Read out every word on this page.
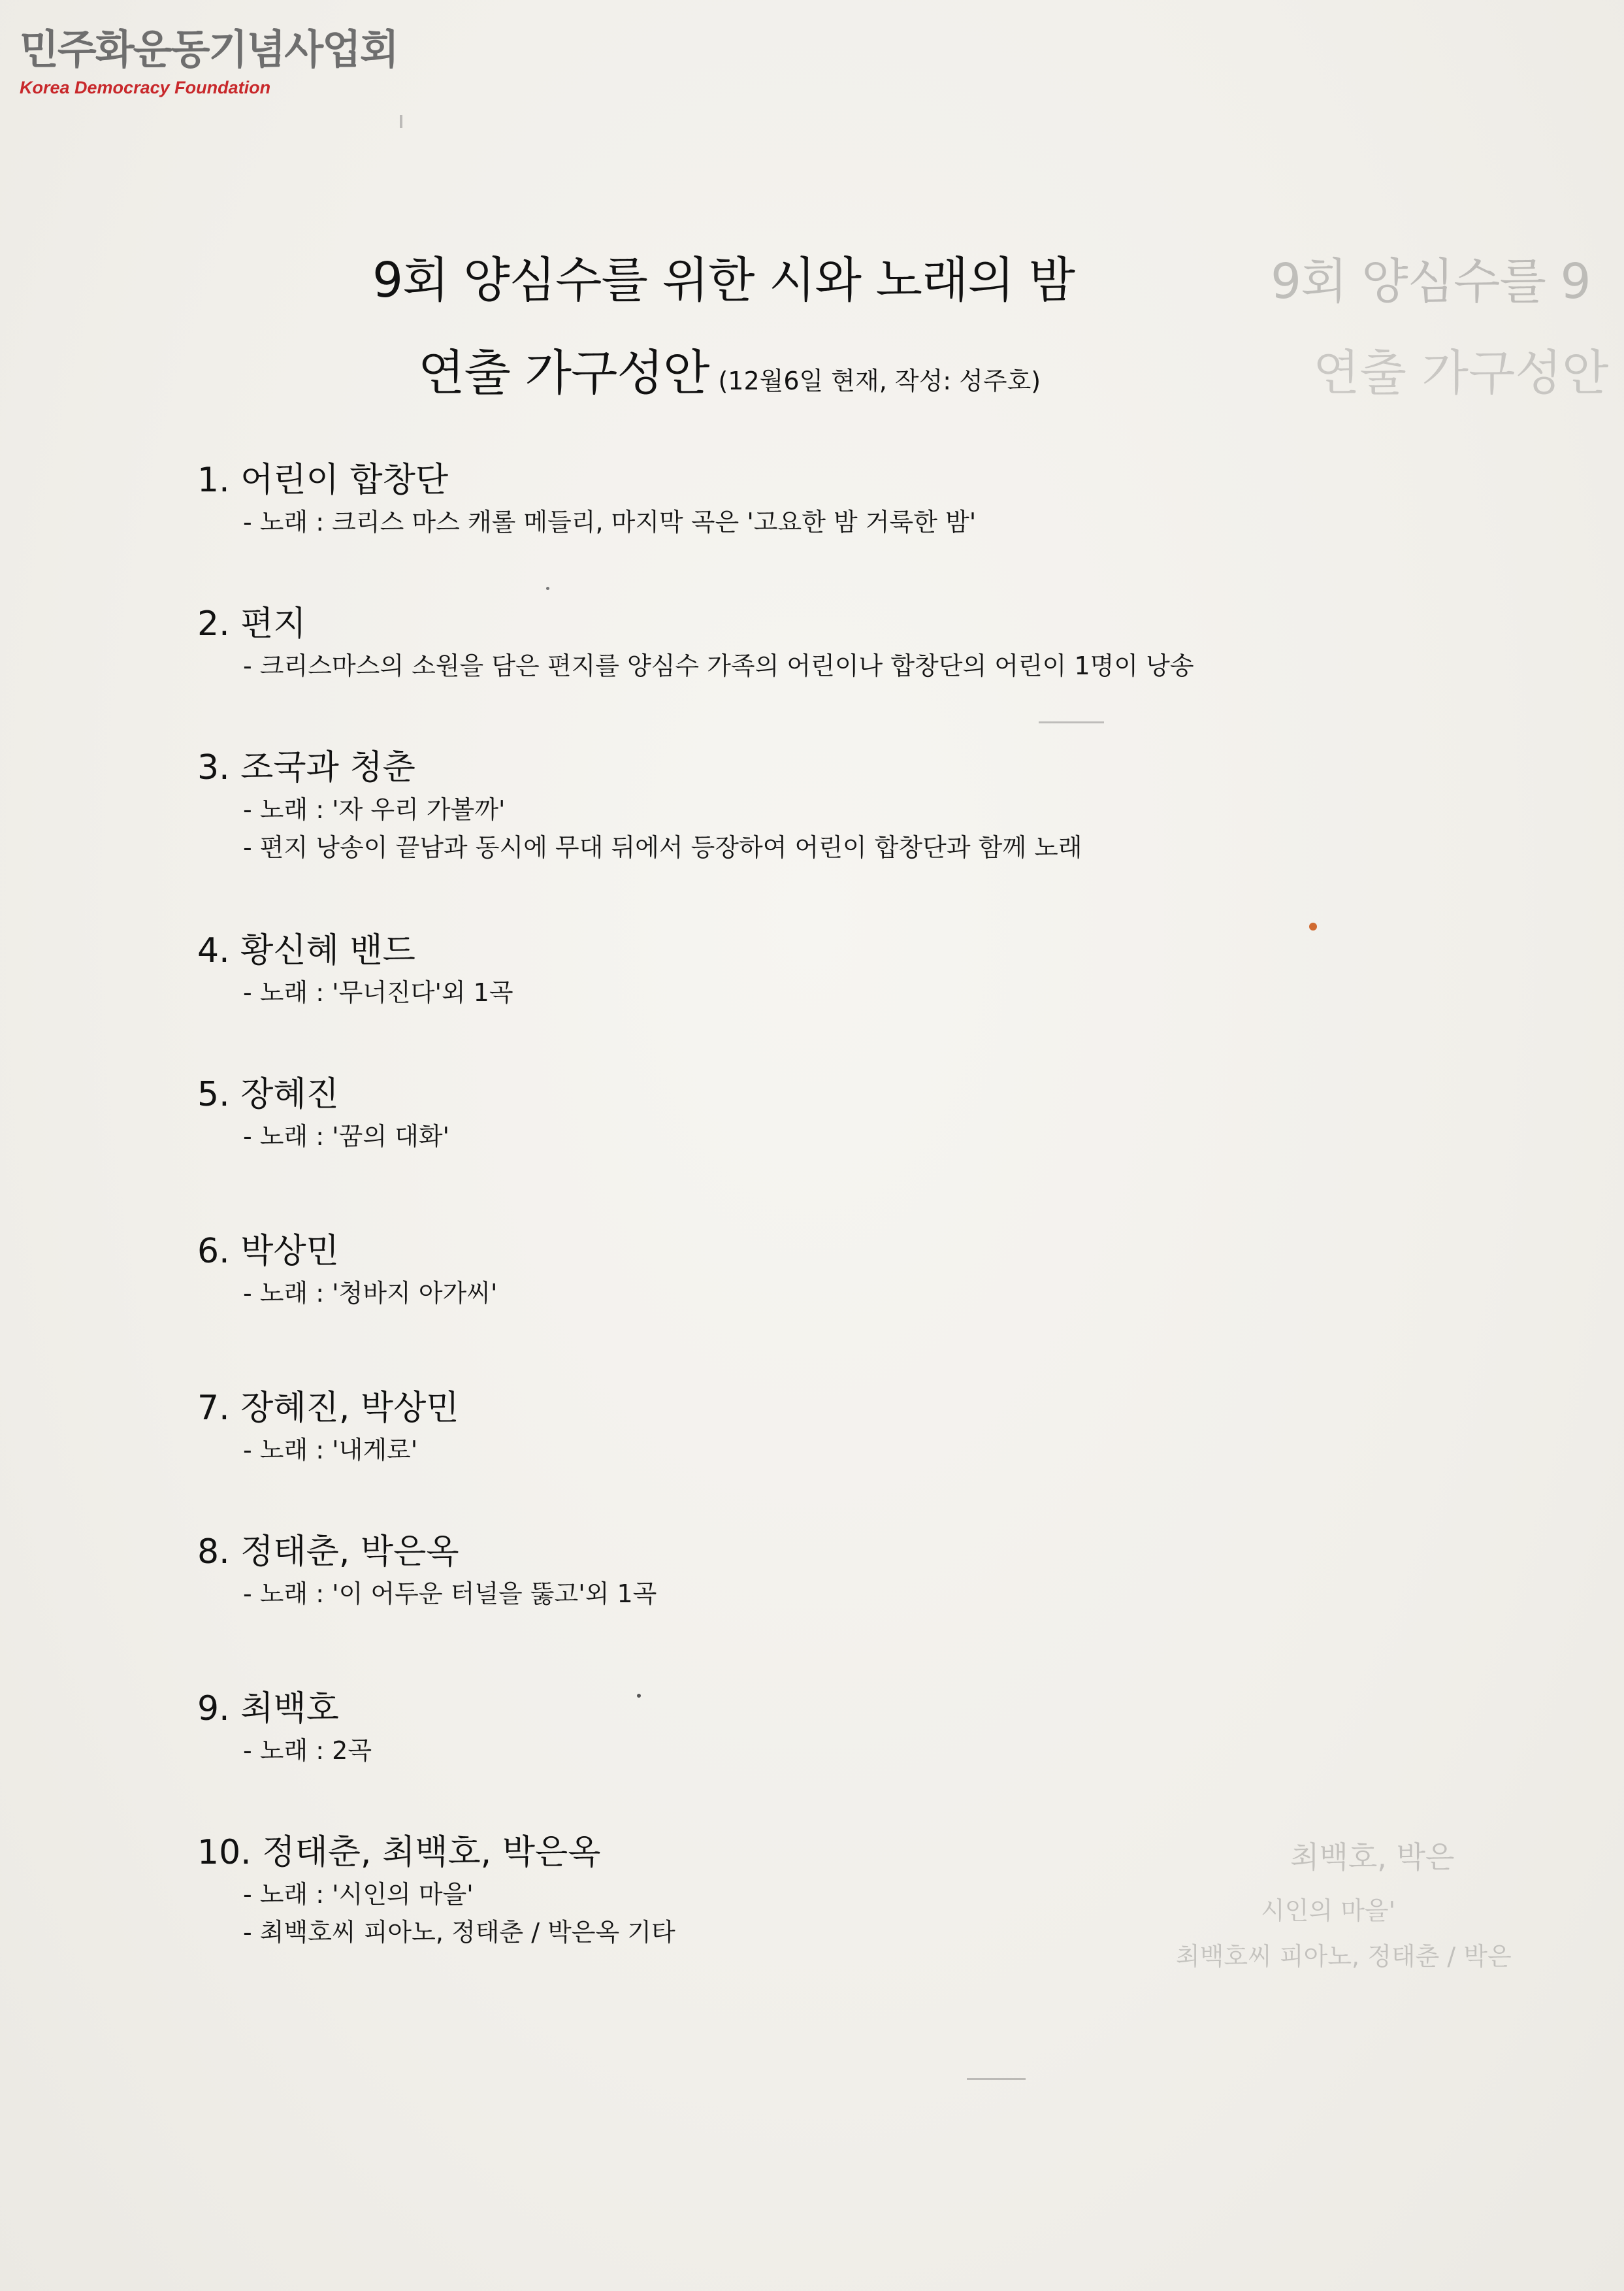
민주화운동기념사업회
Korea Democracy Foundation
9회 양심수를 위한 시와 노래의 밤
연출 가구성안 (12월6일 현재, 작성: 성주호)
9회 양심수를 9
연출 가구성안
1. 어린이 합창단
- 노래 : 크리스 마스 캐롤 메들리, 마지막 곡은 '고요한 밤 거룩한 밤'
2. 편지
- 크리스마스의 소원을 담은 편지를 양심수 가족의 어린이나 합창단의 어린이 1명이 낭송
3. 조국과 청춘
- 노래 : '자 우리 가볼까'
- 편지 낭송이 끝남과 동시에 무대 뒤에서 등장하여 어린이 합창단과 함께 노래
4. 황신혜 밴드
- 노래 : '무너진다'외 1곡
5. 장혜진
- 노래 : '꿈의 대화'
6. 박상민
- 노래 : '청바지 아가씨'
7. 장혜진, 박상민
- 노래 : '내게로'
8. 정태춘, 박은옥
- 노래 : '이 어두운 터널을 뚫고'외 1곡
9. 최백호
- 노래 : 2곡
10. 정태춘, 최백호, 박은옥
- 노래 : '시인의 마을'
- 최백호씨 피아노, 정태춘 / 박은옥 기타
최백호, 박은
시인의 마을'
최백호씨 피아노, 정태춘 / 박은
